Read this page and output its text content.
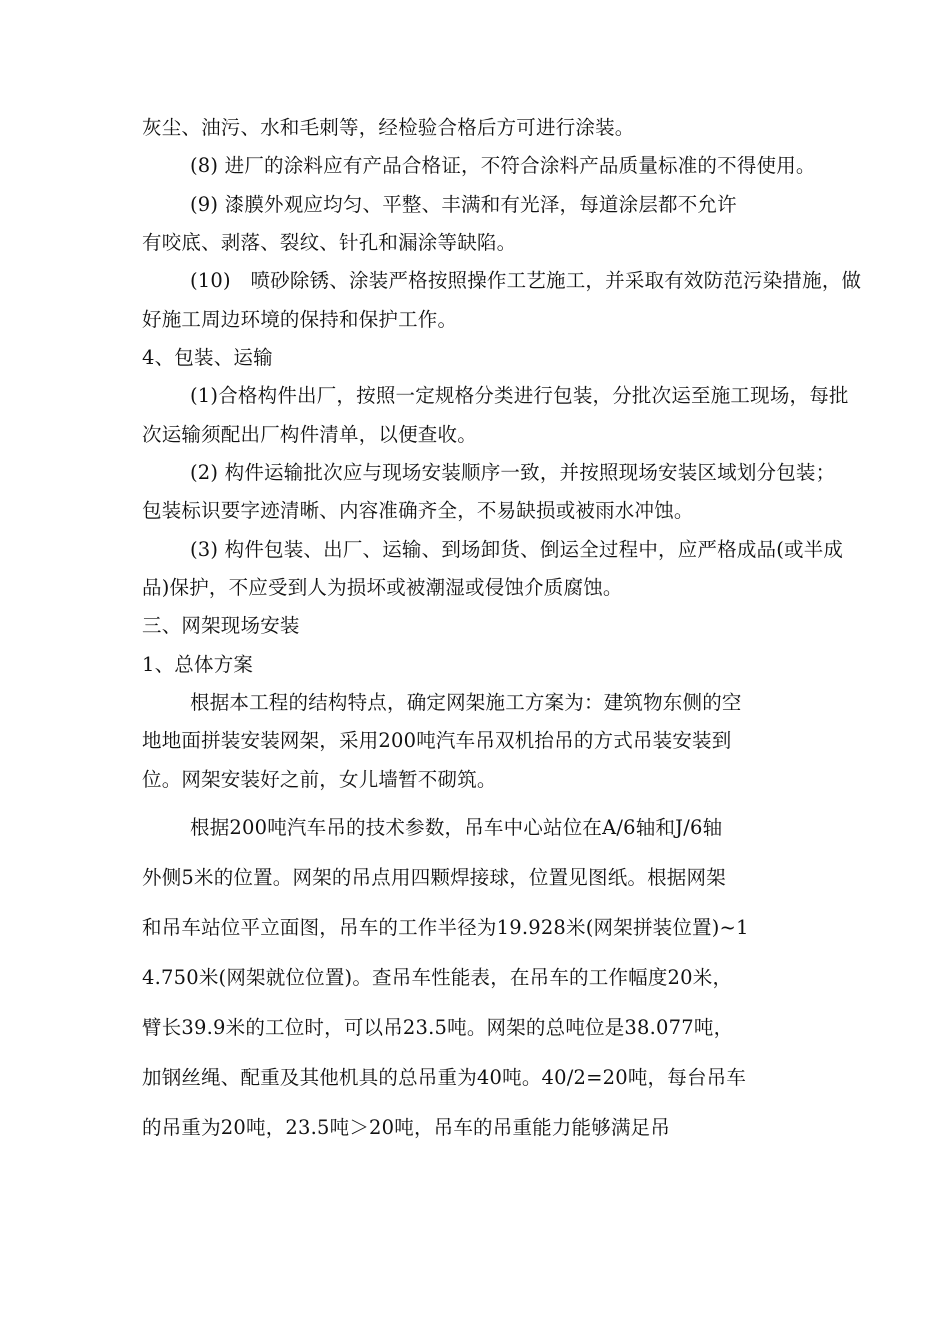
灰尘、油污、水和毛刺等，经检验合格后方可进行涂装。
(8) 进厂的涂料应有产品合格证，不符合涂料产品质量标准的不得使用。
(9) 漆膜外观应均匀、平整、丰满和有光泽，每道涂层都不允许
有咬底、剥落、裂纹、针孔和漏涂等缺陷。
(10)　喷砂除锈、涂装严格按照操作工艺施工，并采取有效防范污染措施，做
好施工周边环境的保持和保护工作。
4、包装、运输
(1)合格构件出厂，按照一定规格分类进行包装，分批次运至施工现场，每批
次运输须配出厂构件清单，以便查收。
(2) 构件运输批次应与现场安装顺序一致，并按照现场安装区域划分包装；
包装标识要字迹清晰、内容准确齐全，不易缺损或被雨水冲蚀。
(3) 构件包装、出厂、运输、到场卸货、倒运全过程中，应严格成品(或半成
品)保护，不应受到人为损坏或被潮湿或侵蚀介质腐蚀。
三、网架现场安装
1、总体方案
根据本工程的结构特点，确定网架施工方案为：建筑物东侧的空
地地面拼装安装网架，采用200吨汽车吊双机抬吊的方式吊装安装到
位。网架安装好之前，女儿墙暂不砌筑。
根据200吨汽车吊的技术参数，吊车中心站位在A/6轴和J/6轴
外侧5米的位置。网架的吊点用四颗焊接球，位置见图纸。根据网架
和吊车站位平立面图，吊车的工作半径为19.928米(网架拼装位置)~1
4.750米(网架就位位置)。查吊车性能表，在吊车的工作幅度20米，
臂长39.9米的工位时，可以吊23.5吨。网架的总吨位是38.077吨，
加钢丝绳、配重及其他机具的总吊重为40吨。40/2=20吨，每台吊车
的吊重为20吨，23.5吨＞20吨，吊车的吊重能力能够满足吊
